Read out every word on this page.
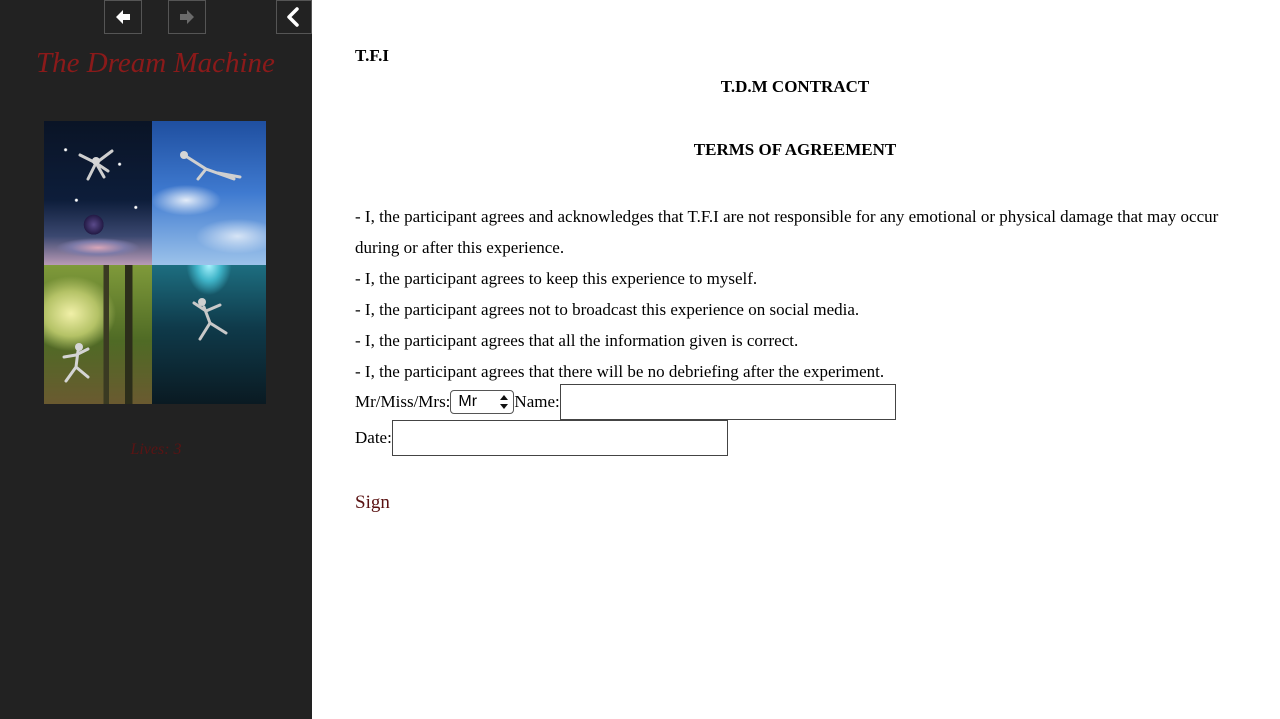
The Dream Machine
Lives: 3
T.F.I
T.D.M CONTRACT
TERMS OF AGREEMENT

- I, the participant agrees and acknowledges that T.F.I are not responsible for any emotional or physical damage that may occur during or after this experience.

- I, the participant agrees to keep this experience to myself.

- I, the participant agrees not to broadcast this experience on social media.

- I, the participant agrees that all the information given is correct.

- I, the participant agrees that there will be no debriefing after the experiment.

Mr/Miss/Mrs: Mr Name:
Date:
Sign
